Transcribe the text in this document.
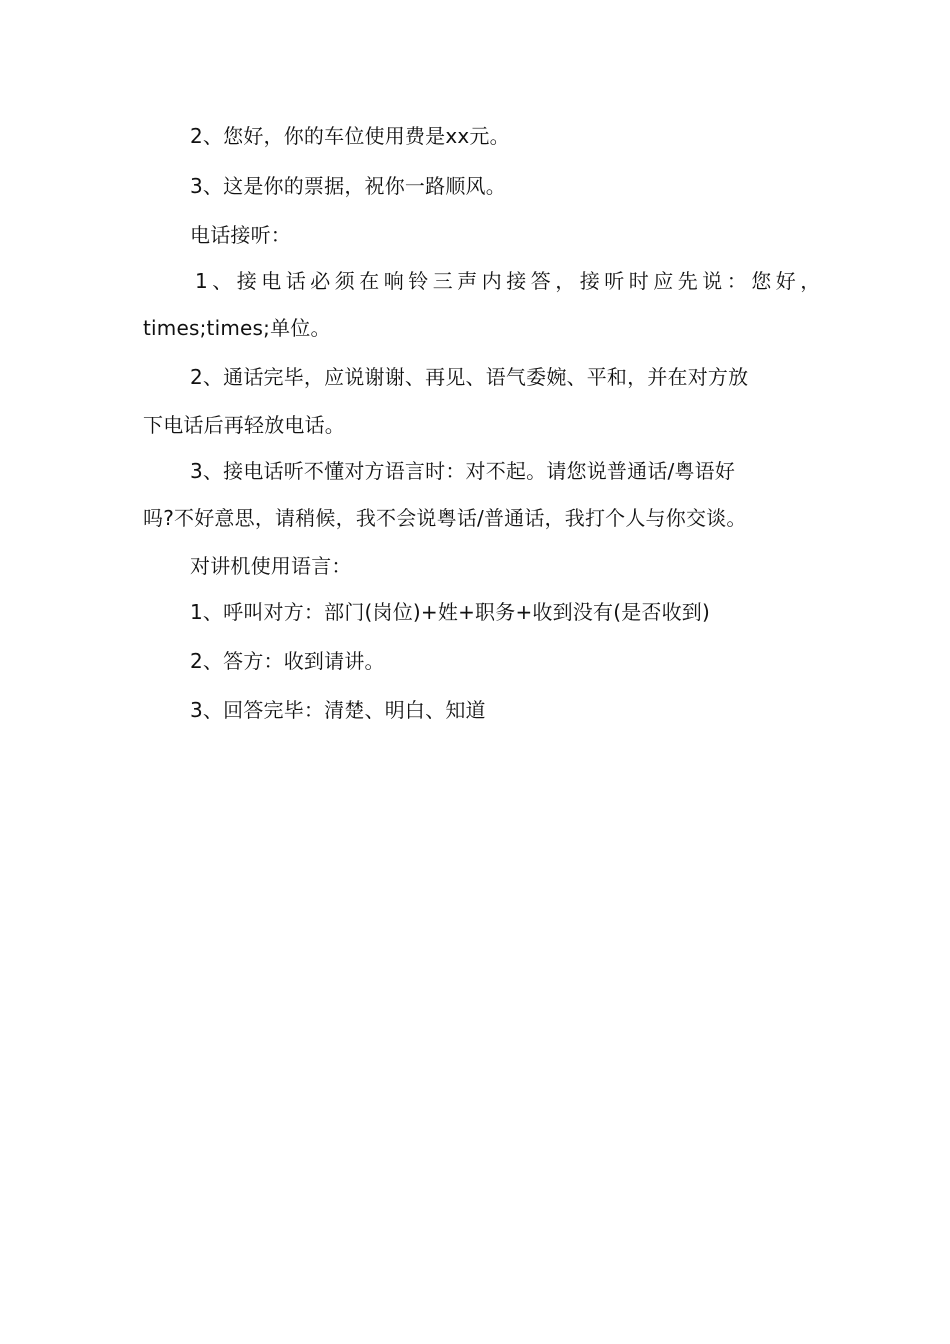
2、您好，你的车位使用费是xx元。
3、这是你的票据，祝你一路顺风。
电话接听：
1、接电话必须在响铃三声内接答，接听时应先说：您好，
times;times;单位。
2、通话完毕，应说谢谢、再见、语气委婉、平和，并在对方放
下电话后再轻放电话。
3、接电话听不懂对方语言时：对不起。请您说普通话/粤语好
吗?不好意思，请稍候，我不会说粤话/普通话，我打个人与你交谈。
对讲机使用语言：
1、呼叫对方：部门(岗位)+姓+职务+收到没有(是否收到)
2、答方：收到请讲。
3、回答完毕：清楚、明白、知道
